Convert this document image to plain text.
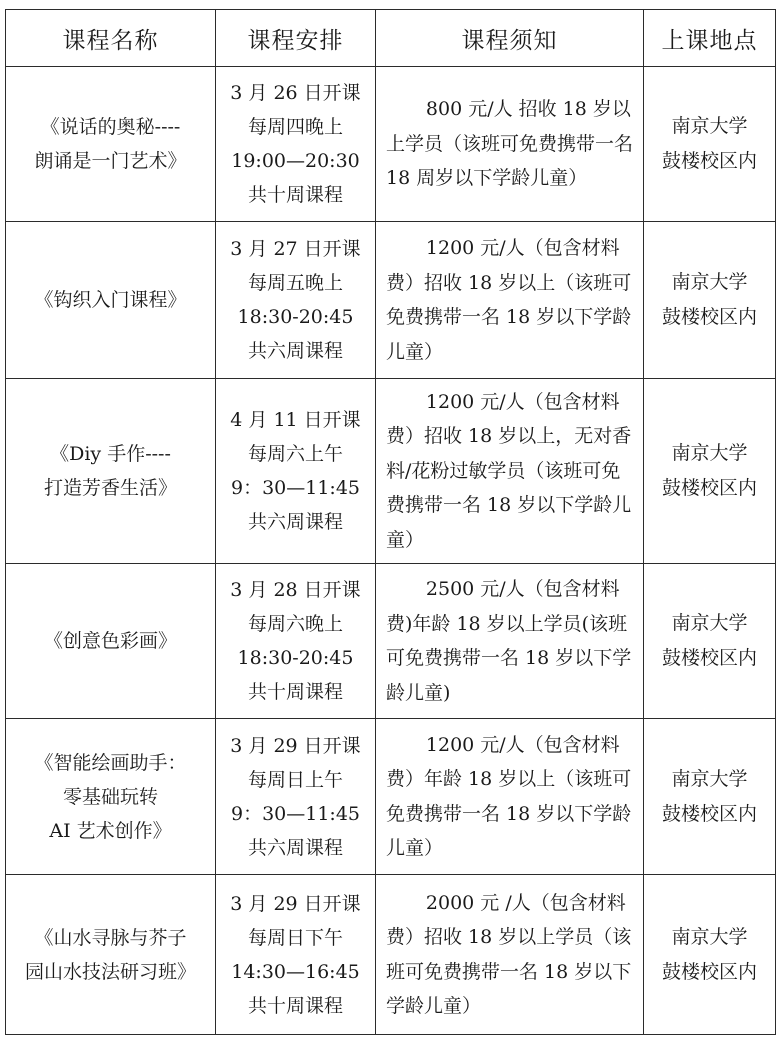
课程名称	课程安排	课程须知	上课地点

《说话的奥秘----
朗诵是一门艺术》	3 月 26 日开课
每周四晚上
19:00—20:30
共十周课程	800 元/人 招收 18 岁以上学员（该班可免费携带一名 18 周岁以下学龄儿童）	南京大学
鼓楼校区内

《钩织入门课程》	3 月 27 日开课
每周五晚上
18:30-20:45
共六周课程	1200 元/人（包含材料费）招收 18 岁以上（该班可免费携带一名 18 岁以下学龄儿童）	南京大学
鼓楼校区内

《Diy 手作----
打造芳香生活》	4 月 11 日开课
每周六上午
9：30—11:45
共六周课程	1200 元/人（包含材料费）招收 18 岁以上，无对香料/花粉过敏学员（该班可免费携带一名 18 岁以下学龄儿童）	南京大学
鼓楼校区内

《创意色彩画》	3 月 28 日开课
每周六晚上
18:30-20:45
共十周课程	2500 元/人（包含材料费)年龄 18 岁以上学员(该班可免费携带一名 18 岁以下学龄儿童)	南京大学
鼓楼校区内

《智能绘画助手：
零基础玩转
AI 艺术创作》	3 月 29 日开课
每周日上午
9：30—11:45
共六周课程	1200 元/人（包含材料费）年龄 18 岁以上（该班可免费携带一名 18 岁以下学龄儿童）	南京大学
鼓楼校区内

《山水寻脉与芥子
园山水技法研习班》	3 月 29 日开课
每周日下午
14:30—16:45
共十周课程	2000 元 /人（包含材料费）招收 18 岁以上学员（该班可免费携带一名 18 岁以下学龄儿童）	南京大学
鼓楼校区内
